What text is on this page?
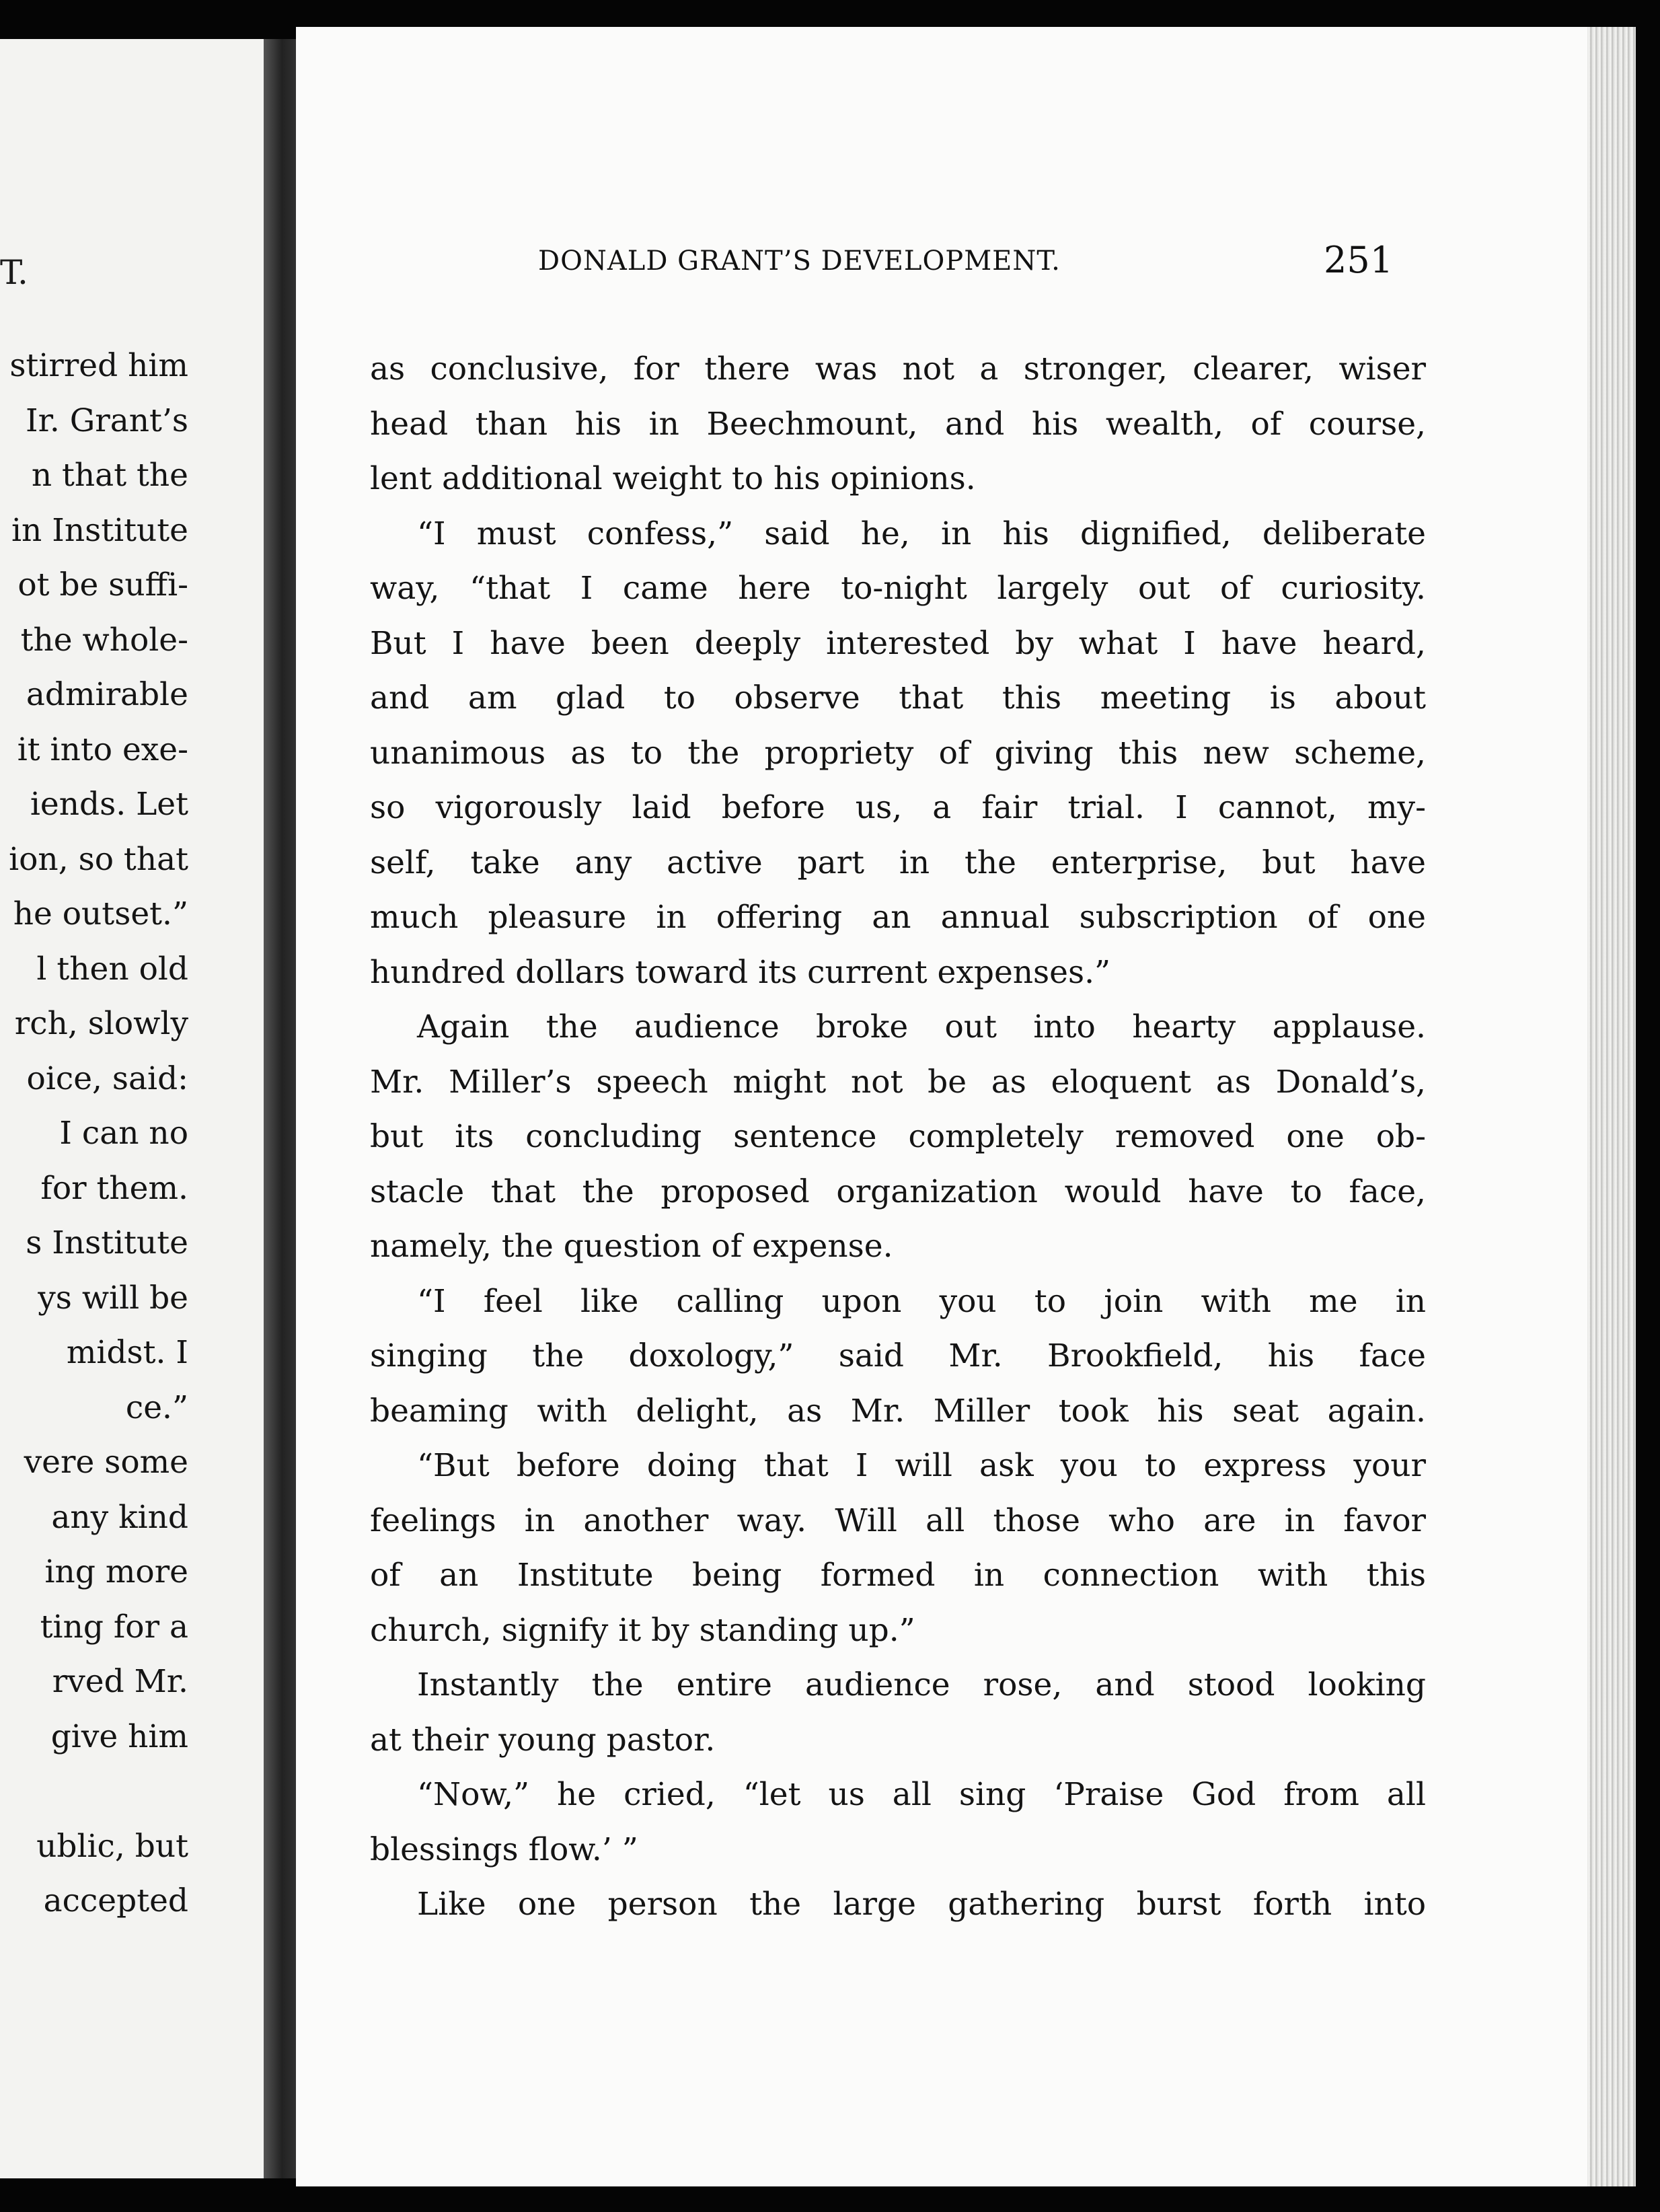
T.
stirred him
Ir. Grant’s
n that the
in Institute
ot be suffi-
the whole-
admirable
it into exe-
iends. Let
ion, so that
he outset.”
l then old
rch, slowly
oice, said:
I can no
for them.
s Institute
ys will be
midst. I
ce.”
vere some
any kind
ing more
ting for a
rved Mr.
give him
ublic, but
accepted
DONALD GRANT’S DEVELOPMENT.	251
as conclusive, for there was not a stronger, clearer, wiser
head than his in Beechmount, and his wealth, of course,
lent additional weight to his opinions.
“I must confess,” said he, in his dignified, deliberate
way, “that I came here to-night largely out of curiosity.
But I have been deeply interested by what I have heard,
and am glad to observe that this meeting is about
unanimous as to the propriety of giving this new scheme,
so vigorously laid before us, a fair trial. I cannot, my-
self, take any active part in the enterprise, but have
much pleasure in offering an annual subscription of one
hundred dollars toward its current expenses.”
Again the audience broke out into hearty applause.
Mr. Miller’s speech might not be as eloquent as Donald’s,
but its concluding sentence completely removed one ob-
stacle that the proposed organization would have to face,
namely, the question of expense.
“I feel like calling upon you to join with me in
singing the doxology,” said Mr. Brookfield, his face
beaming with delight, as Mr. Miller took his seat again.
“But before doing that I will ask you to express your
feelings in another way. Will all those who are in favor
of an Institute being formed in connection with this
church, signify it by standing up.”
Instantly the entire audience rose, and stood looking
at their young pastor.
“Now,” he cried, “let us all sing ‘Praise God from all
blessings flow.’ ”
Like one person the large gathering burst forth into
